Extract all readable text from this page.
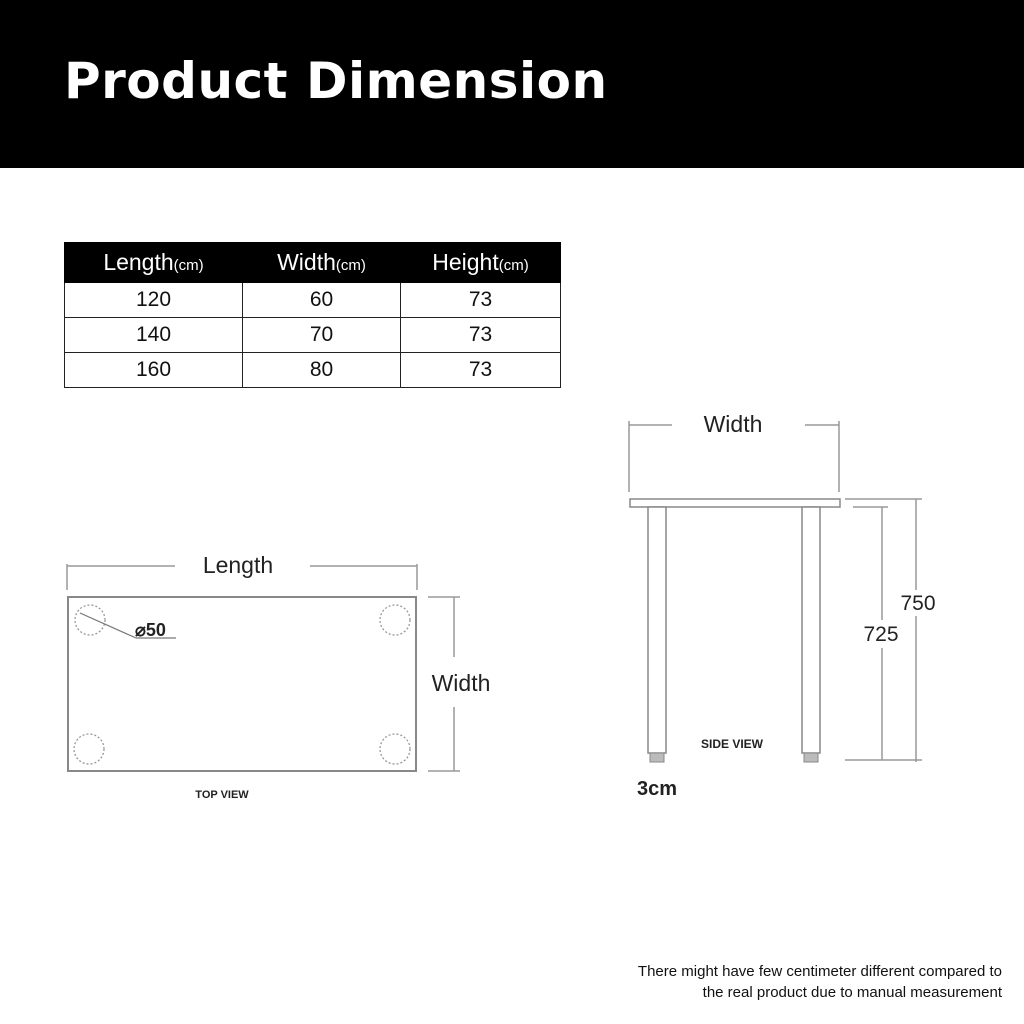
Product Dimension
Length(cm)	Width(cm)	Height(cm)
120	60	73
140	70	73
160	80	73
Length
⌀50
Width
TOP VIEW
Width
750
725
SIDE VIEW
3cm
There might have few centimeter different compared to
the real product due to manual measurement
